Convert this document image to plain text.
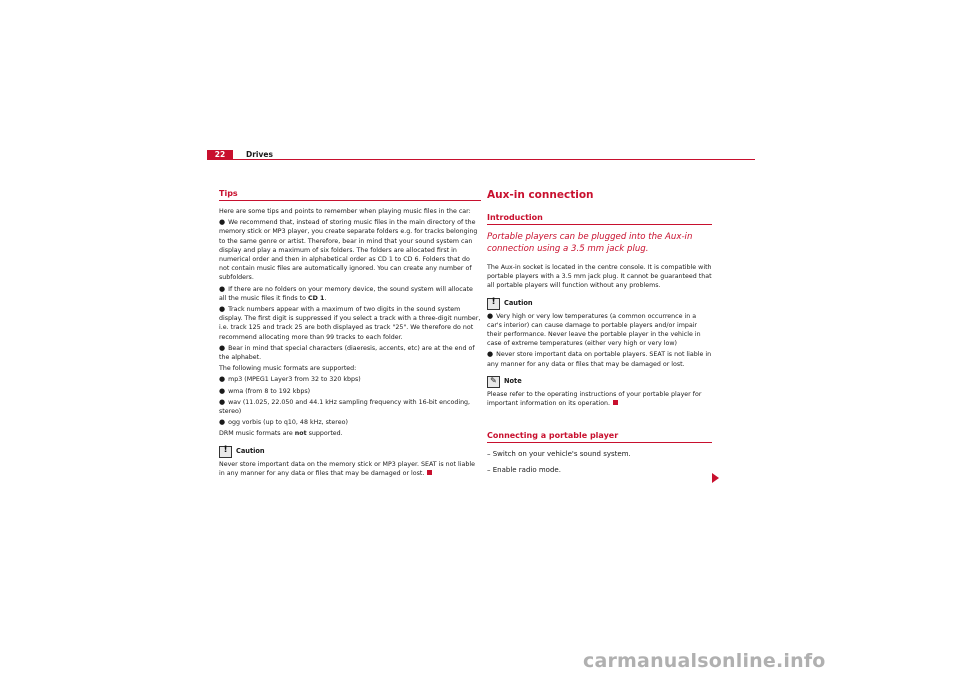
22	Drives
Tips

Here are some tips and points to remember when playing music files in the car:

● We recommend that, instead of storing music files in the main directory of the memory stick or MP3 player, you create separate folders e.g. for tracks belonging to the same genre or artist. Therefore, bear in mind that your sound system can display and play a maximum of six folders. The folders are allocated first in numerical order and then in alphabetical order as CD 1 to CD 6. Folders that do not contain music files are automatically ignored. You can create any number of subfolders.

● If there are no folders on your memory device, the sound system will allocate all the music files it finds to CD 1.

● Track numbers appear with a maximum of two digits in the sound system display. The first digit is suppressed if you select a track with a three-digit number, i.e. track 125 and track 25 are both displayed as track "25". We therefore do not recommend allocating more than 99 tracks to each folder.

● Bear in mind that special characters (diaeresis, accents, etc) are at the end of the alphabet.

The following music formats are supported:

● mp3 (MPEG1 Layer3 from 32 to 320 kbps)

● wma (from 8 to 192 kbps)

● wav (11.025, 22.050 and 44.1 kHz sampling frequency with 16-bit encoding, stereo)

● ogg vorbis (up to q10, 48 kHz, stereo)

DRM music formats are not supported.

!
Caution

Never store important data on the memory stick or MP3 player. SEAT is not liable in any manner for any data or files that may be damaged or lost.

Aux-in connection
Introduction
Portable players can be plugged into the Aux-in connection using a 3.5 mm jack plug.

The Aux-in socket is located in the centre console. It is compatible with portable players with a 3.5 mm jack plug. It cannot be guaranteed that all portable players will function without any problems.

!
Caution

● Very high or very low temperatures (a common occurrence in a car's interior) can cause damage to portable players and/or impair their performance. Never leave the portable player in the vehicle in case of extreme temperatures (either very high or very low)

● Never store important data on portable players. SEAT is not liable in any manner for any data or files that may be damaged or lost.

✎
Note

Please refer to the operating instructions of your portable player for important information on its operation.

Connecting a portable player

– Switch on your vehicle's sound system.

– Enable radio mode.

carmanualsonline.info
